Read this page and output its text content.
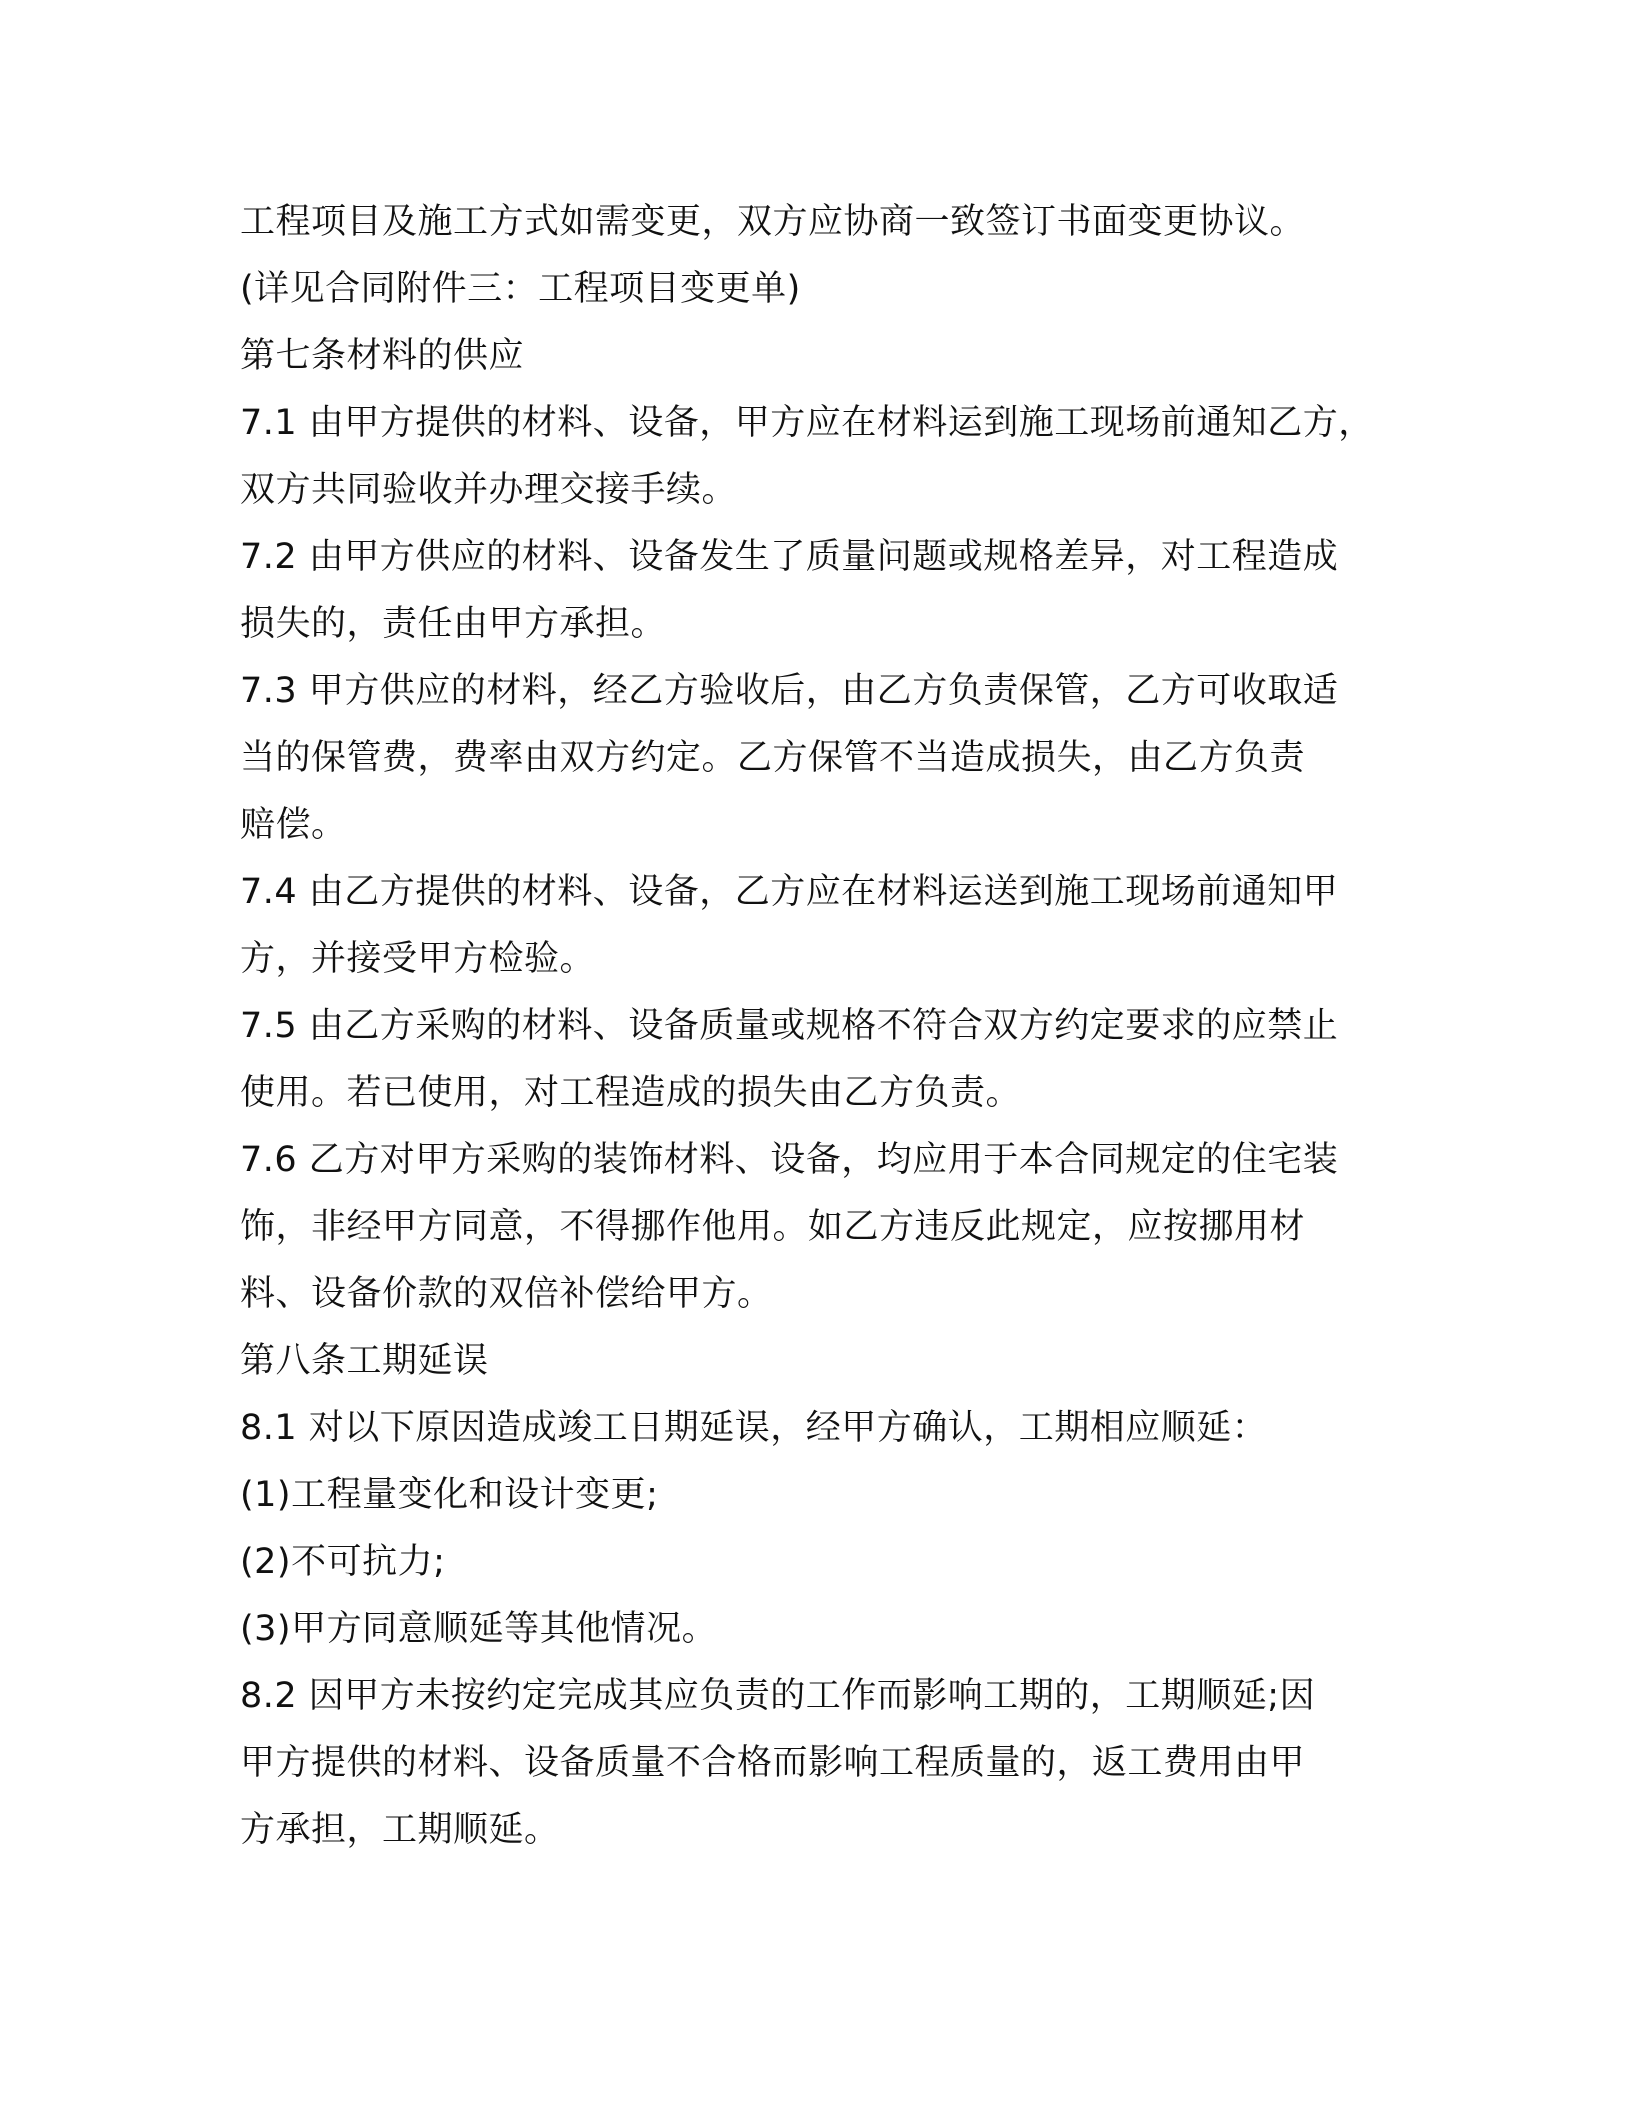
工程项目及施工方式如需变更，双方应协商一致签订书面变更协议。
(详见合同附件三：工程项目变更单)
第七条材料的供应
7.1 由甲方提供的材料、设备，甲方应在材料运到施工现场前通知乙方，
双方共同验收并办理交接手续。
7.2 由甲方供应的材料、设备发生了质量问题或规格差异，对工程造成
损失的，责任由甲方承担。
7.3 甲方供应的材料，经乙方验收后，由乙方负责保管，乙方可收取适
当的保管费，费率由双方约定。乙方保管不当造成损失，由乙方负责
赔偿。
7.4 由乙方提供的材料、设备，乙方应在材料运送到施工现场前通知甲
方，并接受甲方检验。
7.5 由乙方采购的材料、设备质量或规格不符合双方约定要求的应禁止
使用。若已使用，对工程造成的损失由乙方负责。
7.6 乙方对甲方采购的装饰材料、设备，均应用于本合同规定的住宅装
饰，非经甲方同意，不得挪作他用。如乙方违反此规定，应按挪用材
料、设备价款的双倍补偿给甲方。
第八条工期延误
8.1 对以下原因造成竣工日期延误，经甲方确认，工期相应顺延：
(1)工程量变化和设计变更;
(2)不可抗力;
(3)甲方同意顺延等其他情况。
8.2 因甲方未按约定完成其应负责的工作而影响工期的，工期顺延;因
甲方提供的材料、设备质量不合格而影响工程质量的，返工费用由甲
方承担，工期顺延。
